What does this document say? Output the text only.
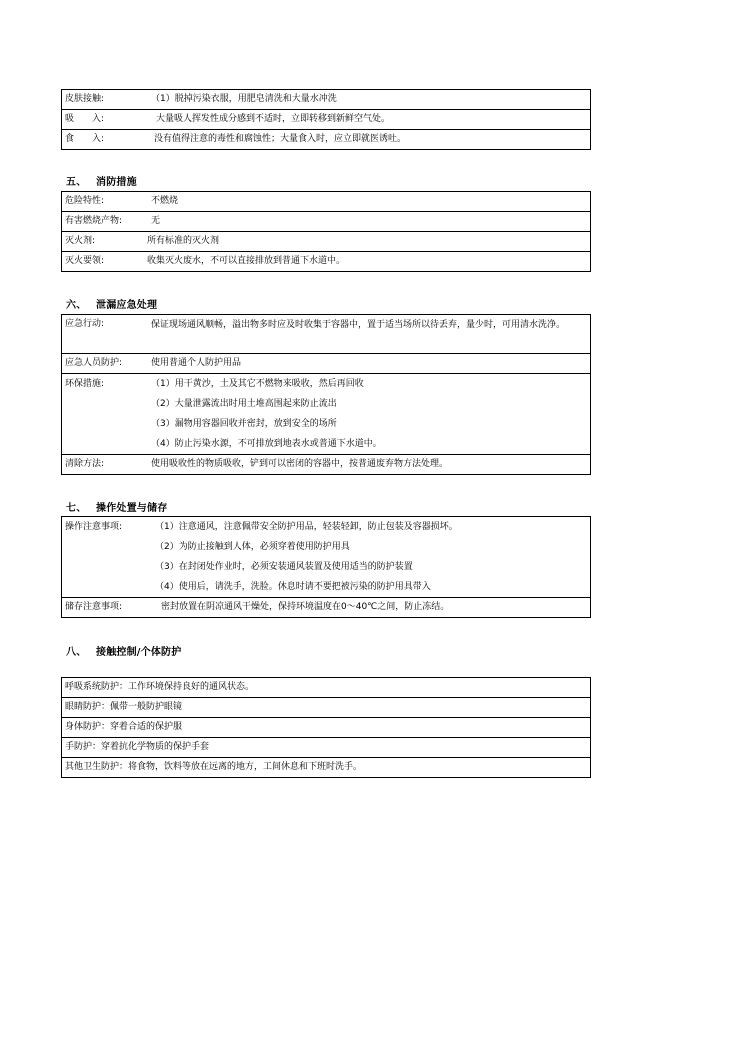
皮肤接触:	（1）脱掉污染衣服，用肥皂清洗和大量水冲洗
吸　　入:	大量吸人挥发性成分感到不适时，立即转移到新鲜空气处。
食　　入:	没有值得注意的毒性和腐蚀性；大量食入时，应立即就医诱吐。
五、 消防措施
危险特性:	不燃烧
有害燃烧产物:	无
灭火剂:	所有标准的灭火剂
灭火要领:	收集灭火废水，不可以直接排放到普通下水道中。
六、 泄漏应急处理
应急行动:	保证现场通风顺畅，溢出物多时应及时收集于容器中，置于适当场所以待丢弃，量少时，可用清水洗净。
应急人员防护:	使用普通个人防护用品
环保措施:	（1）用干黄沙，土及其它不燃物来吸收，然后再回收
（2）大量泄露流出时用土堆高围起来防止流出
（3）漏物用容器回收并密封，放到安全的场所
（4）防止污染水源，不可排放到地表水或普通下水道中。

清除方法:	使用吸收性的物质吸收，铲到可以密闭的容器中，按普通废弃物方法处理。
七、 操作处置与储存
操作注意事项:	（1）注意通风，注意佩带安全防护用品，轻装轻卸，防止包装及容器损坏。
（2）为防止接触到人体，必须穿着使用防护用具
（3）在封闭处作业时，必须安装通风装置及使用适当的防护装置
（4）使用后，请洗手，洗脸。休息时请不要把被污染的防护用具带入

储存注意事项:	密封放置在阴凉通风干燥处，保持环境温度在0～40℃之间，防止冻结。
八、 接触控制/个体防护
呼吸系统防护：工作环境保持良好的通风状态。
眼睛防护：佩带一般防护眼镜
身体防护：穿着合适的保护服
手防护：穿着抗化学物质的保护手套
其他卫生防护：将食物，饮料等放在远离的地方，工间休息和下班时洗手。
